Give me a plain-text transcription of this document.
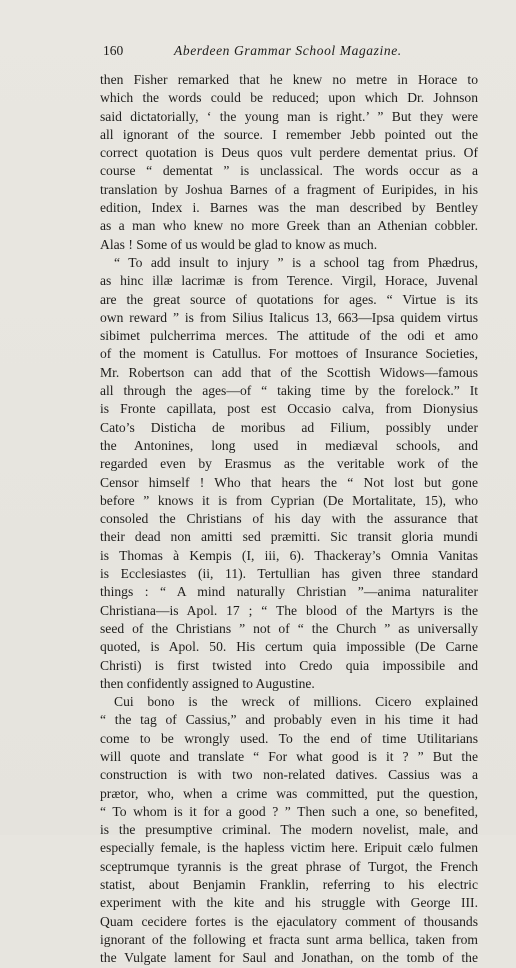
160	Aberdeen Grammar School Magazine.
then Fisher remarked that he knew no metre in Horace to
which the words could be reduced; upon which Dr. Johnson
said dictatorially, ‘ the young man is right.’ ” But they were
all ignorant of the source. I remember Jebb pointed out the
correct quotation is Deus quos vult perdere dementat prius. Of
course “ dementat ” is unclassical. The words occur as a
translation by Joshua Barnes of a fragment of Euripides, in his
edition, Index i. Barnes was the man described by Bentley
as a man who knew no more Greek than an Athenian cobbler.
Alas ! Some of us would be glad to know as much.
“ To add insult to injury ” is a school tag from Phædrus,
as hinc illæ lacrimæ is from Terence. Virgil, Horace, Juvenal
are the great source of quotations for ages. “ Virtue is its
own reward ” is from Silius Italicus 13, 663—Ipsa quidem virtus
sibimet pulcherrima merces. The attitude of the odi et amo
of the moment is Catullus. For mottoes of Insurance Societies,
Mr. Robertson can add that of the Scottish Widows—famous
all through the ages—of “ taking time by the forelock.” It
is Fronte capillata, post est Occasio calva, from Dionysius
Cato’s Disticha de moribus ad Filium, possibly under
the Antonines, long used in mediæval schools, and
regarded even by Erasmus as the veritable work of the
Censor himself ! Who that hears the “ Not lost but gone
before ” knows it is from Cyprian (De Mortalitate, 15), who
consoled the Christians of his day with the assurance that
their dead non amitti sed præmitti. Sic transit gloria mundi
is Thomas à Kempis (I, iii, 6). Thackeray’s Omnia Vanitas
is Ecclesiastes (ii, 11). Tertullian has given three standard
things : “ A mind naturally Christian ”—anima naturaliter
Christiana—is Apol. 17 ; “ The blood of the Martyrs is the
seed of the Christians ” not of “ the Church ” as universally
quoted, is Apol. 50. His certum quia impossible (De Carne
Christi) is first twisted into Credo quia impossibile and
then confidently assigned to Augustine.
Cui bono is the wreck of millions. Cicero explained
“ the tag of Cassius,” and probably even in his time it had
come to be wrongly used. To the end of time Utilitarians
will quote and translate “ For what good is it ? ” But the
construction is with two non-related datives. Cassius was a
prætor, who, when a crime was committed, put the question,
“ To whom is it for a good ? ” Then such a one, so benefited,
is the presumptive criminal. The modern novelist, male, and
especially female, is the hapless victim here. Eripuit cælo fulmen
sceptrumque tyrannis is the great phrase of Turgot, the French
statist, about Benjamin Franklin, referring to his electric
experiment with the kite and his struggle with George III.
Quam cecidere fortes is the ejaculatory comment of thousands
ignorant of the following et fracta sunt arma bellica, taken from
the Vulgate lament for Saul and Jonathan, on the tomb of the
